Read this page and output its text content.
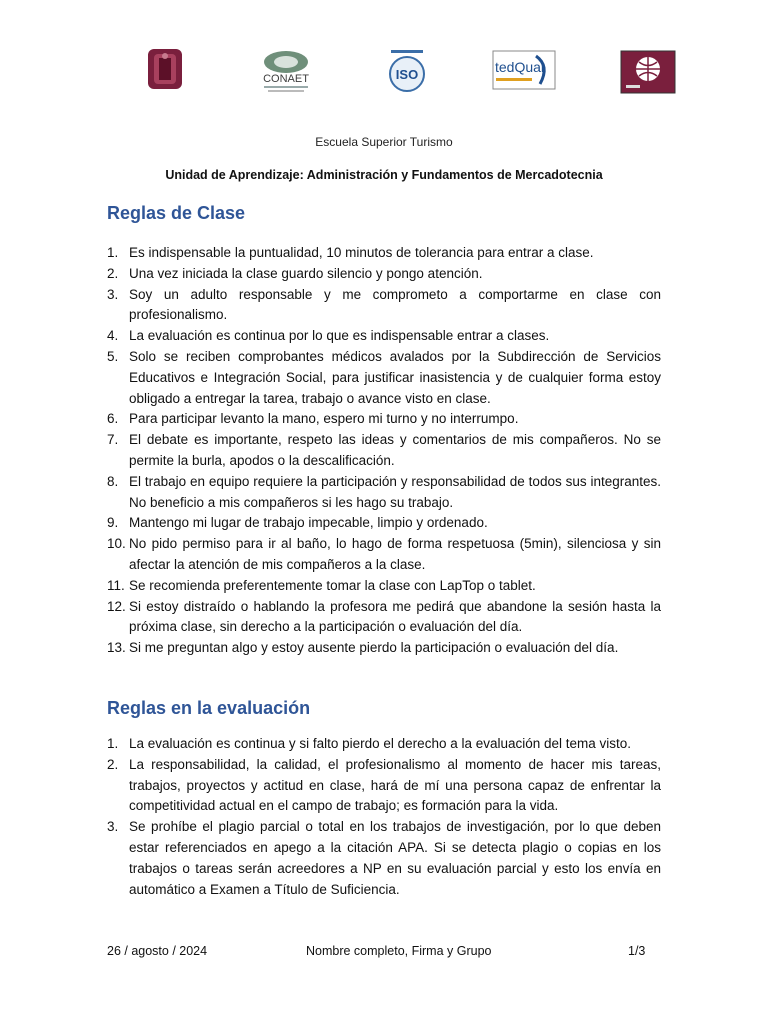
CONAET	ISO	tedQual
Escuela Superior Turismo
Unidad de Aprendizaje: Administración y Fundamentos de Mercadotecnia
Reglas de Clase
1. Es indispensable la puntualidad, 10 minutos de tolerancia para entrar a clase.
2. Una vez iniciada la clase guardo silencio y pongo atención.
3. Soy un adulto responsable y me comprometo a comportarme en clase con profesionalismo.
4. La evaluación es continua por lo que es indispensable entrar a clases.
5. Solo se reciben comprobantes médicos avalados por la Subdirección de Servicios Educativos e Integración Social, para justificar inasistencia y de cualquier forma estoy obligado a entregar la tarea, trabajo o avance visto en clase.
6. Para participar levanto la mano, espero mi turno y no interrumpo.
7. El debate es importante, respeto las ideas y comentarios de mis compañeros. No se permite la burla, apodos o la descalificación.
8. El trabajo en equipo requiere la participación y responsabilidad de todos sus integrantes. No beneficio a mis compañeros si les hago su trabajo.
9. Mantengo mi lugar de trabajo impecable, limpio y ordenado.
10. No pido permiso para ir al baño, lo hago de forma respetuosa (5min), silenciosa y sin afectar la atención de mis compañeros a la clase.
11. Se recomienda preferentemente tomar la clase con LapTop o tablet.
12. Si estoy distraído o hablando la profesora me pedirá que abandone la sesión hasta la próxima clase, sin derecho a la participación o evaluación del día.
13. Si me preguntan algo y estoy ausente pierdo la participación o evaluación del día.
Reglas en la evaluación
1. La evaluación es continua y si falto pierdo el derecho a la evaluación del tema visto.
2. La responsabilidad, la calidad, el profesionalismo al momento de hacer mis tareas, trabajos, proyectos y actitud en clase, hará de mí una persona capaz de enfrentar la competitividad actual en el campo de trabajo; es formación para la vida.
3. Se prohíbe el plagio parcial o total en los trabajos de investigación, por lo que deben estar referenciados en apego a la citación APA. Si se detecta plagio o copias en los trabajos o tareas serán acreedores a NP en su evaluación parcial y esto los envía en automático a Examen a Título de Suficiencia.
26 / agosto / 2024	Nombre completo, Firma y Grupo	1/3
